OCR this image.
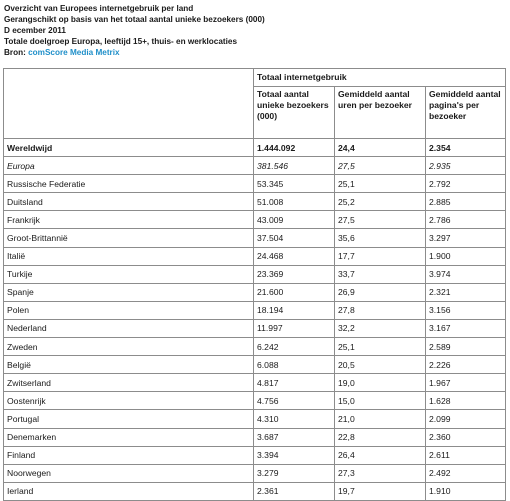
Overzicht van Europees internetgebruik per land
Gerangschikt op basis van het totaal aantal unieke bezoekers (000)
D ecember 2011
Totale doelgroep Europa, leeftijd 15+, thuis- en werklocaties
Bron: comScore Media Metrix
	Totaal internetgebruik		
	Totaal aantal unieke bezoekers (000)	Gemiddeld aantal uren per bezoeker	Gemiddeld aantal pagina's per bezoeker
Wereldwijd	1.444.092	24,4	2.354
Europa	381.546	27,5	2.935
Russische Federatie	53.345	25,1	2.792
Duitsland	51.008	25,2	2.885
Frankrijk	43.009	27,5	2.786
Groot-Brittannië	37.504	35,6	3.297
Italië	24.468	17,7	1.900
Turkije	23.369	33,7	3.974
Spanje	21.600	26,9	2.321
Polen	18.194	27,8	3.156
Nederland	11.997	32,2	3.167
Zweden	6.242	25,1	2.589
België	6.088	20,5	2.226
Zwitserland	4.817	19,0	1.967
Oostenrijk	4.756	15,0	1.628
Portugal	4.310	21,0	2.099
Denemarken	3.687	22,8	2.360
Finland	3.394	26,4	2.611
Noorwegen	3.279	27,3	2.492
Ierland	2.361	19,7	1.910
